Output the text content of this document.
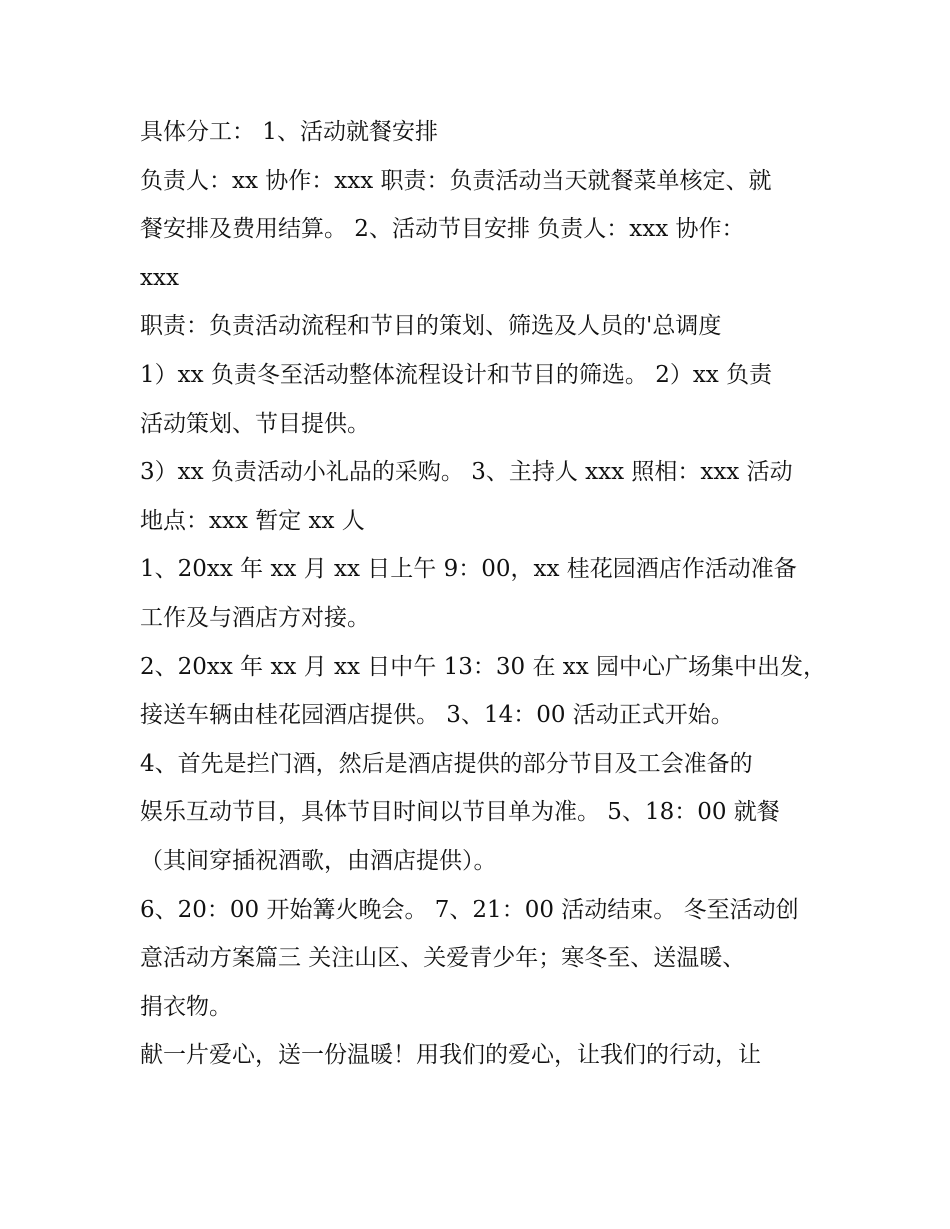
具体分工： 1、活动就餐安排
负责人：xx 协作：xxx 职责：负责活动当天就餐菜单核定、就
餐安排及费用结算。 2、活动节目安排 负责人：xxx 协作：
xxx
职责：负责活动流程和节目的策划、筛选及人员的'总调度
1）xx 负责冬至活动整体流程设计和节目的筛选。 2）xx 负责
活动策划、节目提供。
3）xx 负责活动小礼品的采购。 3、主持人 xxx 照相：xxx 活动
地点：xxx 暂定 xx 人
1、20xx 年 xx 月 xx 日上午 9：00，xx 桂花园酒店作活动准备
工作及与酒店方对接。
2、20xx 年 xx 月 xx 日中午 13：30 在 xx 园中心广场集中出发，
接送车辆由桂花园酒店提供。 3、14：00 活动正式开始。
4、首先是拦门酒，然后是酒店提供的部分节目及工会准备的
娱乐互动节目，具体节目时间以节目单为准。 5、18：00 就餐
（其间穿插祝酒歌，由酒店提供）。
6、20：00 开始篝火晚会。 7、21：00 活动结束。 冬至活动创
意活动方案篇三 关注山区、关爱青少年；寒冬至、送温暖、
捐衣物。
献一片爱心，送一份温暖！用我们的爱心，让我们的行动，让
